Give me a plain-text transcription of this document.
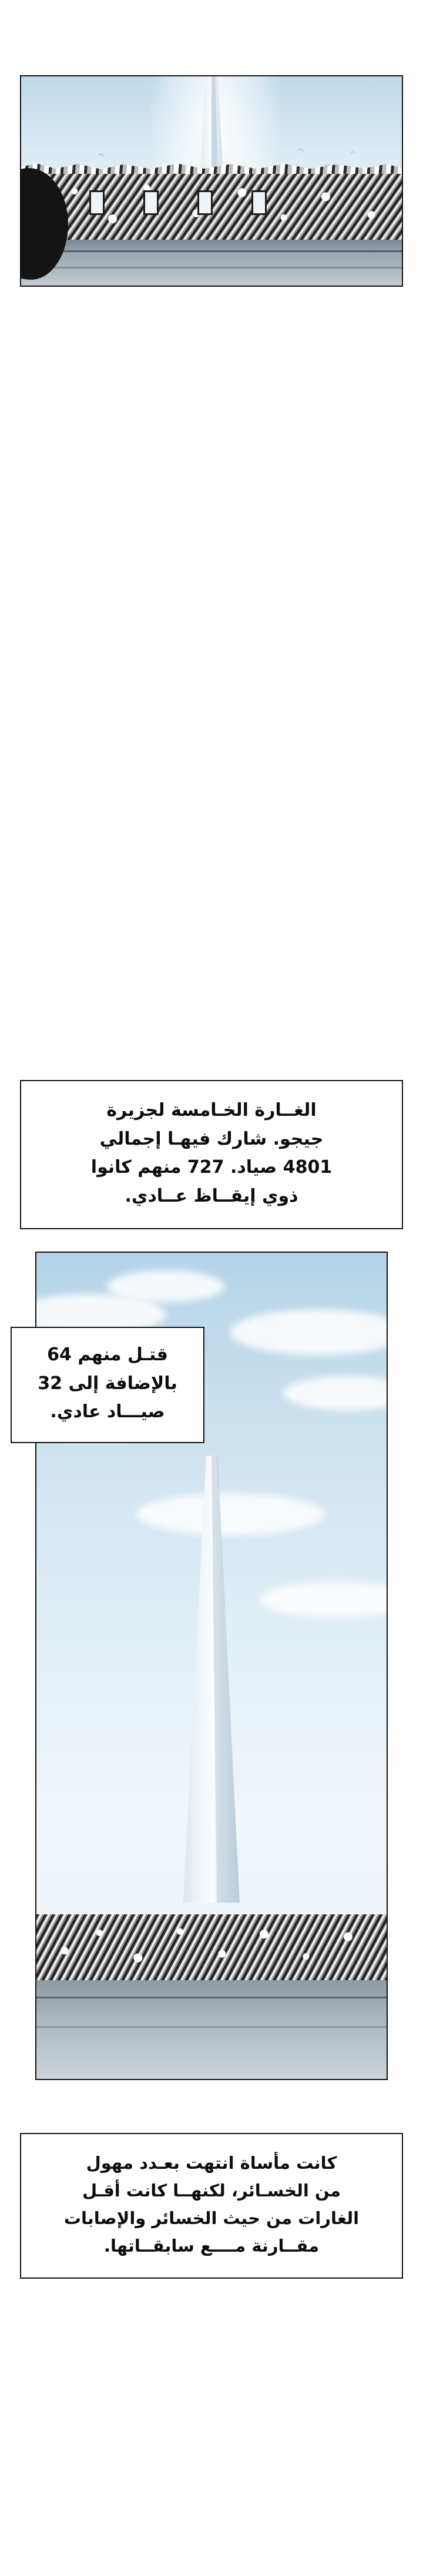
الغــارة الخـامسة لجزيرة

جيجو. شارك فيهـا إجمالي

4801 صياد. 727 منهم كانوا

ذوي إيقــاظ عــادي.

قتـل منهم 64

بالإضافة إلى 32

صيـــاد عادي.

كانت مأساة انتهت بعـدد مهول

من الخسـائر، لكنهــا كانت أقـل

الغارات من حيث الخسائر والإصابات

مقــارنة مــــع سابقــاتها.
